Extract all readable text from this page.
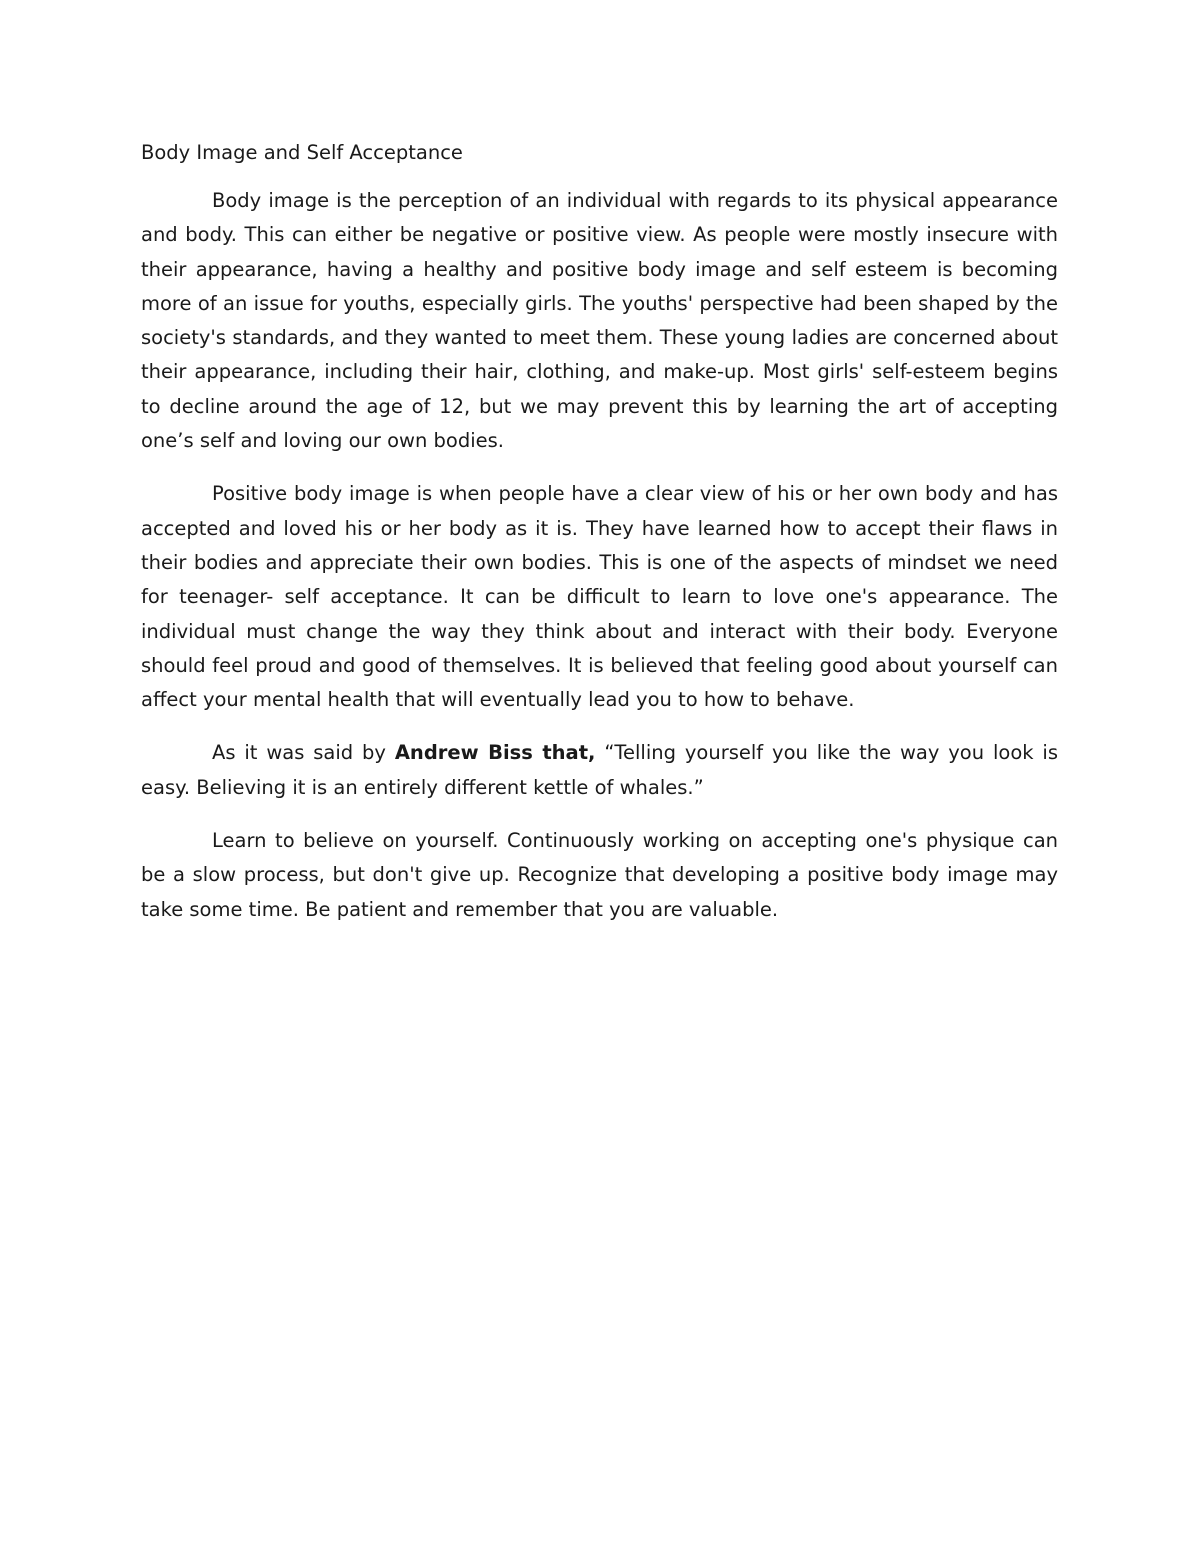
Body Image and Self Acceptance

Body image is the perception of an individual with regards to its physical appearance and body. This can either be negative or positive view. As people were mostly insecure with their appearance, having a healthy and positive body image and self esteem is becoming more of an issue for youths, especially girls. The youths' perspective had been shaped by the society's standards, and they wanted to meet them. These young ladies are concerned about their appearance, including their hair, clothing, and make-up. Most girls' self-esteem begins to decline around the age of 12, but we may prevent this by learning the art of accepting one’s self and loving our own bodies.

Positive body image is when people have a clear view of his or her own body and has accepted and loved his or her body as it is. They have learned how to accept their flaws in their bodies and appreciate their own bodies. This is one of the aspects of mindset we need for teenager- self acceptance. It can be difficult to learn to love one's appearance. The individual must change the way they think about and interact with their body. Everyone should feel proud and good of themselves. It is believed that feeling good about yourself can affect your mental health that will eventually lead you to how to behave.

As it was said by Andrew Biss that, “Telling yourself you like the way you look is easy. Believing it is an entirely different kettle of whales.”

Learn to believe on yourself. Continuously working on accepting one's physique can be a slow process, but don't give up. Recognize that developing a positive body image may take some time. Be patient and remember that you are valuable.
